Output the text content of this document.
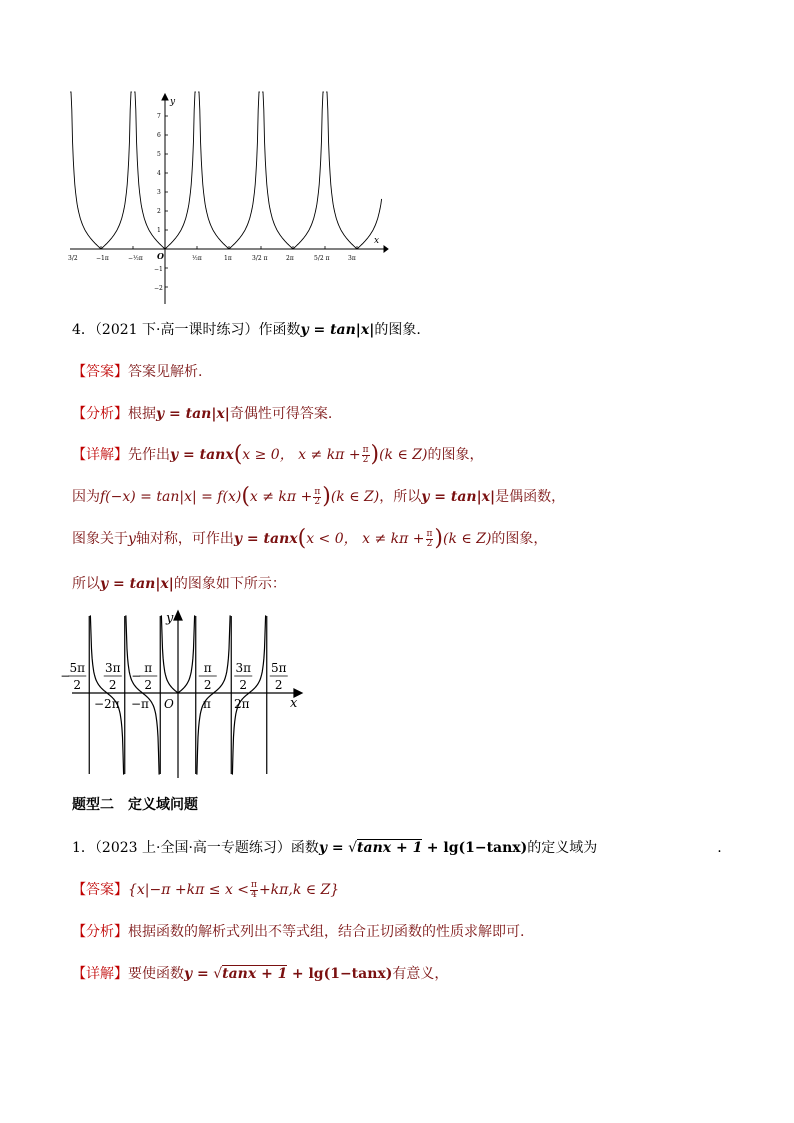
y
x
O
7
6
5
4
3
2
1
−1
−2
−1π	−½π	½π	1π	3/2 π	2π	5/2 π	3π
3/2
4．（2021 下·高一课时练习）作函数y = tan|x|的图象.
【答案】答案见解析.
【分析】根据y = tan|x|奇偶性可得答案.
【详解】先作出y = tanx(x ≥ 0， $x \ne k\pi + \frac{\pi}{2} )(k$ ∈ Z)的图象，
因为$f(-x) = \tan|x| = f(x)(x \ne k\pi + \frac{\pi}{2} )(k$ ∈ Z)，所以y = tan|x|是偶函数，
图象关于y轴对称，可作出y = tanx(x < 0， $x \ne k\pi + \frac{\pi}{2} )(k$ ∈ Z)的图象，
所以y = tan|x|的图象如下所示：
y
x
O
−
5π
2
3π
2
−
π
2
π
2
3π
2
5π
2
−2π −π	π 2π
题型二　定义域问题
1．（2023 上·全国·高一专题练习）函数y = √tanx + 1 + lg(1−tanx)的定义域为	.
【答案】{$x|-\pi +k\pi \le x < \frac{\pi}{4} +k\pi,k$ ∈ Z}
【分析】根据函数的解析式列出不等式组，结合正切函数的性质求解即可.
【详解】要使函数y = √tanx + 1 + lg(1−tanx)有意义，
